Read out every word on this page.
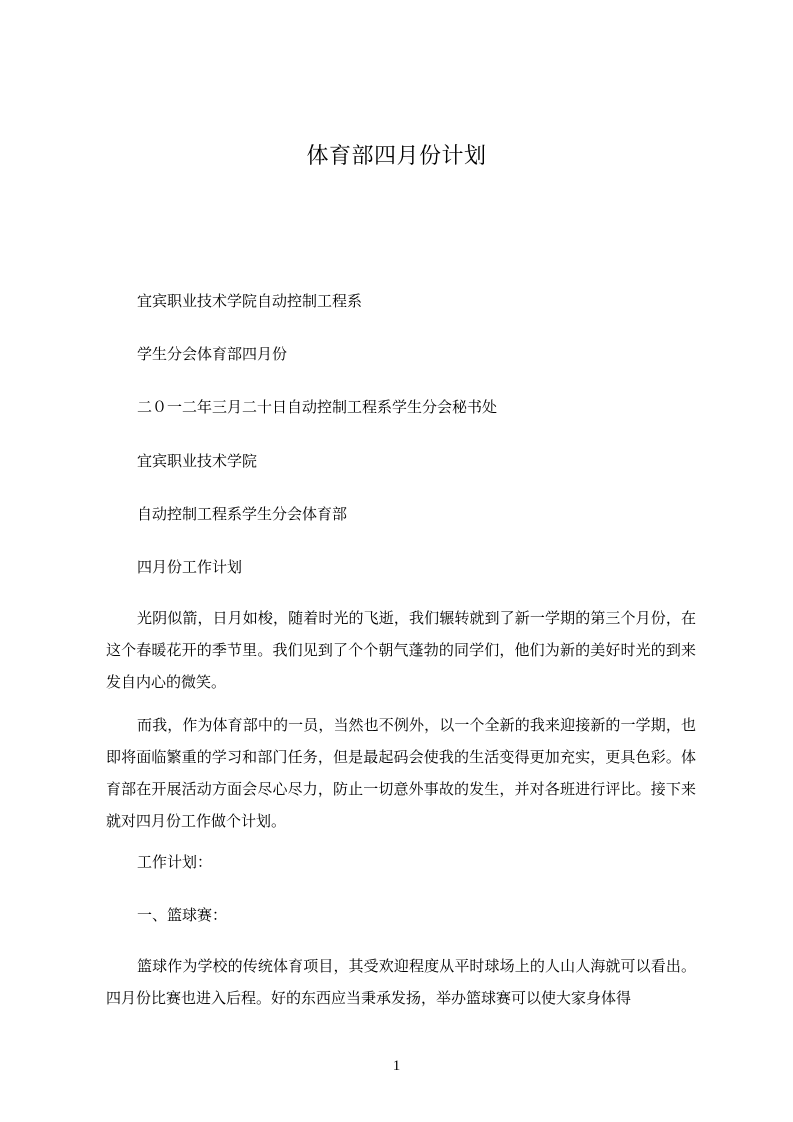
体育部四月份计划
宜宾职业技术学院自动控制工程系
学生分会体育部四月份
二０一二年三月二十日自动控制工程系学生分会秘书处
宜宾职业技术学院
自动控制工程系学生分会体育部
四月份工作计划

光阴似箭，日月如梭，随着时光的飞逝，我们辗转就到了新一学期的第三个月份，在这个春暖花开的季节里。我们见到了个个朝气蓬勃的同学们，他们为新的美好时光的到来发自内心的微笑。

而我，作为体育部中的一员，当然也不例外，以一个全新的我来迎接新的一学期，也即将面临繁重的学习和部门任务，但是最起码会使我的生活变得更加充实，更具色彩。体育部在开展活动方面会尽心尽力，防止一切意外事故的发生，并对各班进行评比。接下来就对四月份工作做个计划。

工作计划：
一、篮球赛：

篮球作为学校的传统体育项目，其受欢迎程度从平时球场上的人山人海就可以看出。四月份比赛也进入后程。好的东西应当秉承发扬，举办篮球赛可以使大家身体得

1
